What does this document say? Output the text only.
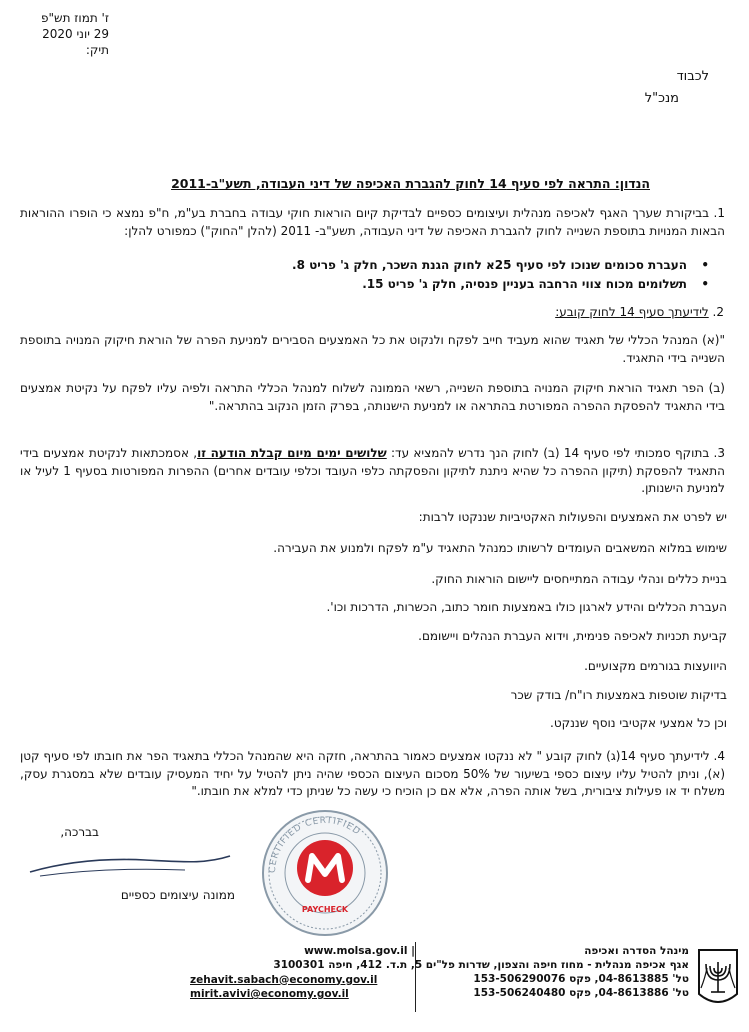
ז' תמוז תש"פ
29 יוני 2020
תיק:
לכבוד
מנכ"ל
הנדון: התראה לפי סעיף 14 לחוק להגברת האכיפה של דיני העבודה, תשע"ב-2011
1. בביקורת שערך האגף לאכיפה מנהלית ועיצומים כספיים לבדיקת קיום הוראות חוקי עבודה בחברת בע"מ, ח"פ נמצא כי הופרו ההוראות הבאות המנויות בתוספת השנייה לחוק להגברת האכיפה של דיני העבודה, תשע"ב- 2011 (להלן "החוק") כמפורט להלן:
• העברת סכומים שנוכו לפי סעיף 25א לחוק הגנת השכר, חלק ג' פריט 8.
• תשלומים מכוח צווי הרחבה בעניין פנסיה, חלק ג' פריט 15.
2. לידיעתך סעיף 14 לחוק קובע:
"(א) המנהל הכללי של תאגיד שהוא מעביד חייב לפקח ולנקוט את כל האמצעים הסבירים למניעת הפרה של הוראת חיקוק המנויה בתוספת השנייה בידי התאגיד.
(ב) הפר תאגיד הוראת חיקוק המנויה בתוספת השנייה, רשאי הממונה לשלוח למנהל הכללי התראה ולפיה עליו לפקח על נקיטת אמצעים בידי התאגיד להפסקת ההפרה המפורטת בהתראה או למניעת הישנותה, בפרק הזמן הנקוב בהתראה."
3. בתוקף סמכותי לפי סעיף 14 (ב) לחוק הנך נדרש להמציא עד: שלושים ימים מיום קבלת הודעה זו, אסמכתאות לנקיטת אמצעים בידי התאגיד להפסקת (תיקון ההפרה כל שהיא ניתנת לתיקון והפסקתה כלפי העובד וכלפי עובדים אחרים) ההפרות המפורטות בסעיף 1 לעיל או למניעת הישנותן.
יש לפרט את האמצעים והפעולות האקטיביות שננקטו לרבות:
שימוש במלוא המשאבים העומדים לרשותו כמנהל התאגיד ע"מ לפקח ולמנוע את העבירה.
בניית כללים ונהלי עבודה המתייחסים ליישום הוראות החוק.
העברת הכללים והידע לארגון כולו באמצעות חומר כתוב, הכשרות, הדרכות וכו'.
קביעת תכניות לאכיפה פנימית, וידוא העברת הנהלים ויישומם.
היוועצות בגורמים מקצועיים.
בדיקות שוטפות באמצעות רו"ח/ בודק שכר
וכן כל אמצעי אקטיבי נוסף שננקט.
4. לידיעתך סעיף 14(ג) לחוק קובע " לא ננקטו אמצעים כאמור בהתראה, חזקה היא שהמנהל הכללי בתאגיד הפר את חובתו לפי סעיף קטן (א), וניתן להטיל עליו עיצום כספי בשיעור של 50% מסכום העיצום הכספי שהיה ניתן להטיל על יחיד המעסיק עובדים שלא במסגרת עסק, משלח יד או פעילות ציבורית, בשל אותה הפרה, אלא אם כן הוכיח כי עשה כל שניתן כדי למלא את חובתו."
בברכה,
ממונה עיצומים כספיים
CERTIFIED CERTIFIED
PAYCHECK
מינהל הסדרה ואכיפה
אגף אכיפה מנהלית - מחוז חיפה והצפון, שדרות פל"ים 5, ת.ד. 412, חיפה 3100301
טל' 04-8613885, פקס 153-506290076
טל' 04-8613886, פקס 153-506240480
www.molsa.gov.il |
zehavit.sabach@economy.gov.il
mirit.avivi@economy.gov.il
